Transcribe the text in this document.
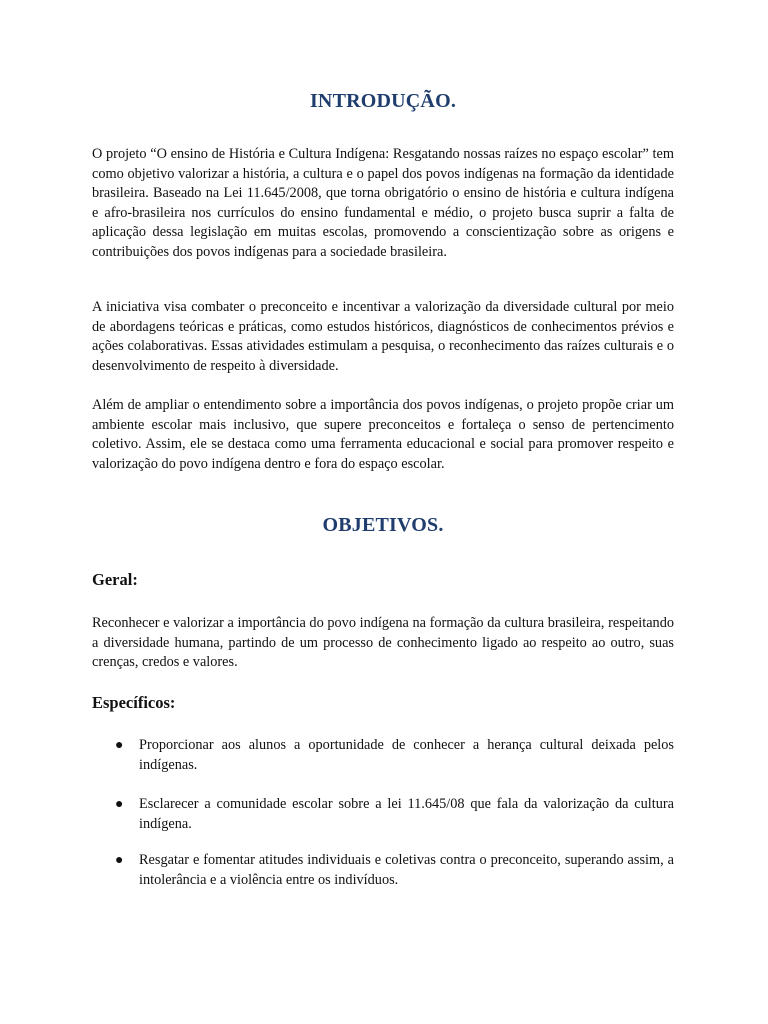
INTRODUÇÃO.

O projeto “O ensino de História e Cultura Indígena: Resgatando nossas raízes no espaço escolar” tem como objetivo valorizar a história, a cultura e o papel dos povos indígenas na formação da identidade brasileira. Baseado na Lei 11.645/2008, que torna obrigatório o ensino de história e cultura indígena e afro-brasileira nos currículos do ensino fundamental e médio, o projeto busca suprir a falta de aplicação dessa legislação em muitas escolas, promovendo a conscientização sobre as origens e contribuições dos povos indígenas para a sociedade brasileira.

A iniciativa visa combater o preconceito e incentivar a valorização da diversidade cultural por meio de abordagens teóricas e práticas, como estudos históricos, diagnósticos de conhecimentos prévios e ações colaborativas. Essas atividades estimulam a pesquisa, o reconhecimento das raízes culturais e o desenvolvimento de respeito à diversidade.

Além de ampliar o entendimento sobre a importância dos povos indígenas, o projeto propõe criar um ambiente escolar mais inclusivo, que supere preconceitos e fortaleça o senso de pertencimento coletivo. Assim, ele se destaca como uma ferramenta educacional e social para promover respeito e valorização do povo indígena dentro e fora do espaço escolar.

OBJETIVOS.
Geral:

Reconhecer e valorizar a importância do povo indígena na formação da cultura brasileira, respeitando a diversidade humana, partindo de um processo de conhecimento ligado ao respeito ao outro, suas crenças, credos e valores.

Específicos:
● Proporcionar aos alunos a oportunidade de conhecer a herança cultural deixada pelos indígenas.
● Esclarecer a comunidade escolar sobre a lei 11.645/08 que fala da valorização da cultura indígena.
● Resgatar e fomentar atitudes individuais e coletivas contra o preconceito, superando assim, a intolerância e a violência entre os indivíduos.
